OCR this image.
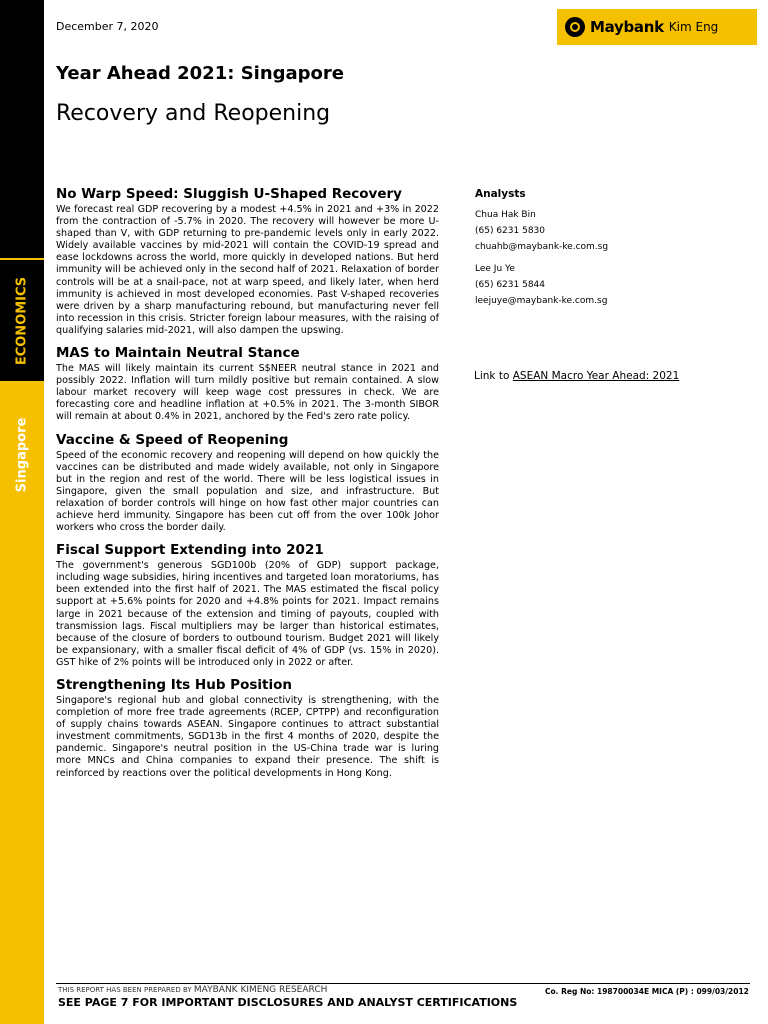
ECONOMICS
Singapore
December 7, 2020	Maybank Kim Eng
Year Ahead 2021: Singapore
Recovery and Reopening
No Warp Speed: Sluggish U-Shaped Recovery

We forecast real GDP recovering by a modest +4.5% in 2021 and +3% in 2022 from the contraction of -5.7% in 2020. The recovery will however be more U-shaped than V, with GDP returning to pre-pandemic levels only in early 2022. Widely available vaccines by mid-2021 will contain the COVID-19 spread and ease lockdowns across the world, more quickly in developed nations. But herd immunity will be achieved only in the second half of 2021. Relaxation of border controls will be at a snail-pace, not at warp speed, and likely later, when herd immunity is achieved in most developed economies. Past V-shaped recoveries were driven by a sharp manufacturing rebound, but manufacturing never fell into recession in this crisis. Stricter foreign labour measures, with the raising of qualifying salaries mid-2021, will also dampen the upswing.

MAS to Maintain Neutral Stance

The MAS will likely maintain its current S$NEER neutral stance in 2021 and possibly 2022. Inflation will turn mildly positive but remain contained. A slow labour market recovery will keep wage cost pressures in check. We are forecasting core and headline inflation at +0.5% in 2021. The 3-month SIBOR will remain at about 0.4% in 2021, anchored by the Fed's zero rate policy.

Vaccine & Speed of Reopening

Speed of the economic recovery and reopening will depend on how quickly the vaccines can be distributed and made widely available, not only in Singapore but in the region and rest of the world. There will be less logistical issues in Singapore, given the small population and size, and infrastructure. But relaxation of border controls will hinge on how fast other major countries can achieve herd immunity. Singapore has been cut off from the over 100k Johor workers who cross the border daily.

Fiscal Support Extending into 2021

The government's generous SGD100b (20% of GDP) support package, including wage subsidies, hiring incentives and targeted loan moratoriums, has been extended into the first half of 2021. The MAS estimated the fiscal policy support at +5.6% points for 2020 and +4.8% points for 2021. Impact remains large in 2021 because of the extension and timing of payouts, coupled with transmission lags. Fiscal multipliers may be larger than historical estimates, because of the closure of borders to outbound tourism. Budget 2021 will likely be expansionary, with a smaller fiscal deficit of 4% of GDP (vs. 15% in 2020). GST hike of 2% points will be introduced only in 2022 or after.

Strengthening Its Hub Position

Singapore's regional hub and global connectivity is strengthening, with the completion of more free trade agreements (RCEP, CPTPP) and reconfiguration of supply chains towards ASEAN. Singapore continues to attract substantial investment commitments, SGD13b in the first 4 months of 2020, despite the pandemic. Singapore's neutral position in the US-China trade war is luring more MNCs and China companies to expand their presence. The shift is reinforced by reactions over the political developments in Hong Kong.

Analysts
Chua Hak Bin
(65) 6231 5830
chuahb@maybank-ke.com.sg
Lee Ju Ye
(65) 6231 5844
leejuye@maybank-ke.com.sg
Link to ASEAN Macro Year Ahead: 2021
THIS REPORT HAS BEEN PREPARED BY MAYBANK KIMENG RESEARCH	Co. Reg No: 198700034E MICA (P) : 099/03/2012
SEE PAGE 7 FOR IMPORTANT DISCLOSURES AND ANALYST CERTIFICATIONS
